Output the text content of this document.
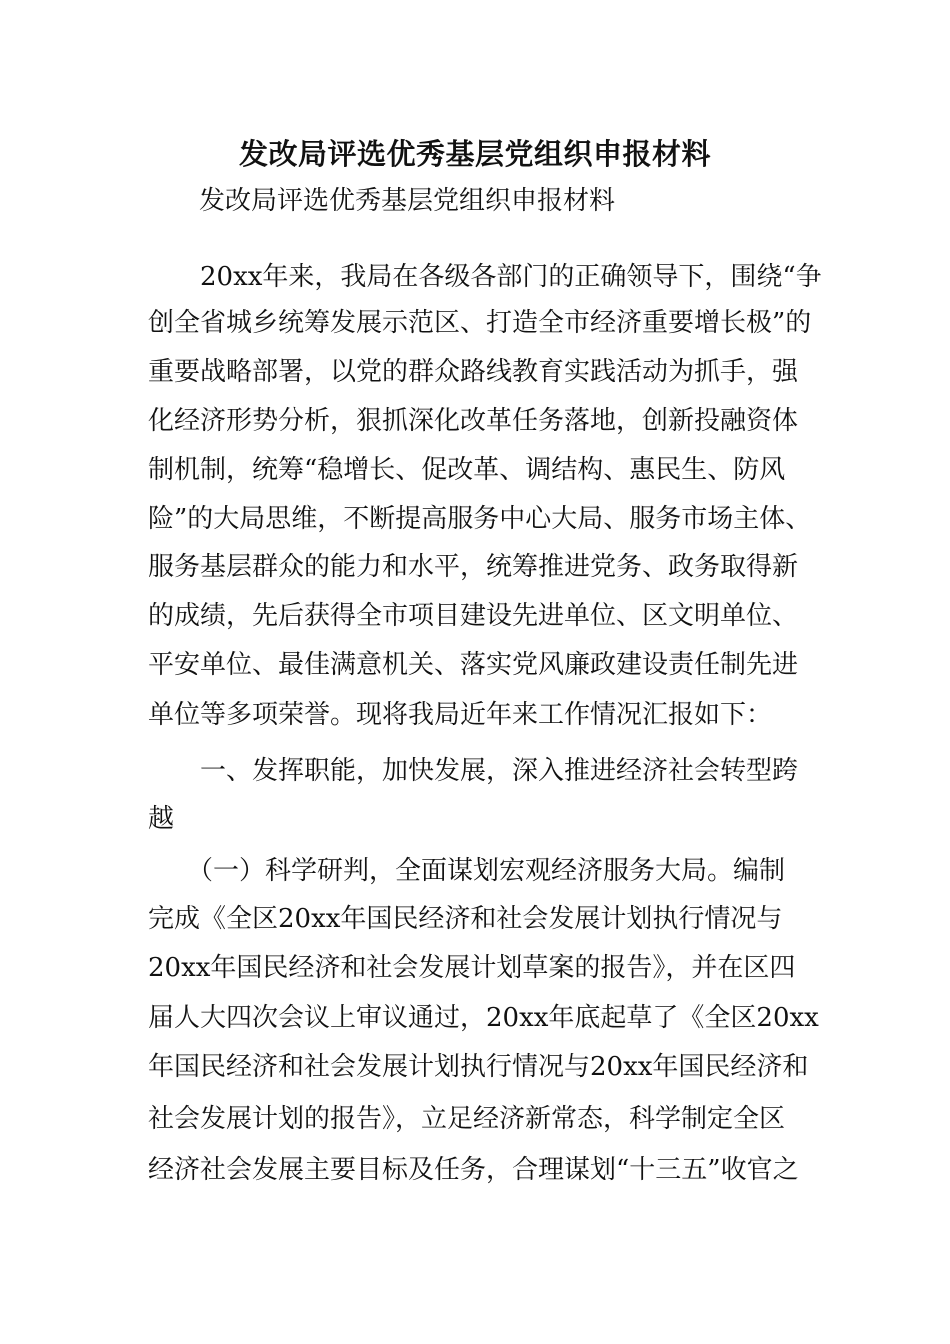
发改局评选优秀基层党组织申报材料
发改局评选优秀基层党组织申报材料
　　20xx年来，我局在各级各部门的正确领导下，围绕“争
创全省城乡统筹发展示范区、打造全市经济重要增长极”的
重要战略部署，以党的群众路线教育实践活动为抓手，强
化经济形势分析，狠抓深化改革任务落地，创新投融资体
制机制，统筹“稳增长、促改革、调结构、惠民生、防风
险”的大局思维，不断提高服务中心大局、服务市场主体、
服务基层群众的能力和水平，统筹推进党务、政务取得新
的成绩，先后获得全市项目建设先进单位、区文明单位、
平安单位、最佳满意机关、落实党风廉政建设责任制先进
单位等多项荣誉。现将我局近年来工作情况汇报如下：
　　一、发挥职能，加快发展，深入推进经济社会转型跨
越
　　（一）科学研判，全面谋划宏观经济服务大局。编制
完成《全区20xx年国民经济和社会发展计划执行情况与
20xx年国民经济和社会发展计划草案的报告》，并在区四
届人大四次会议上审议通过，20xx年底起草了《全区20xx
年国民经济和社会发展计划执行情况与20xx年国民经济和
社会发展计划的报告》，立足经济新常态，科学制定全区
经济社会发展主要目标及任务，合理谋划“十三五”收官之
